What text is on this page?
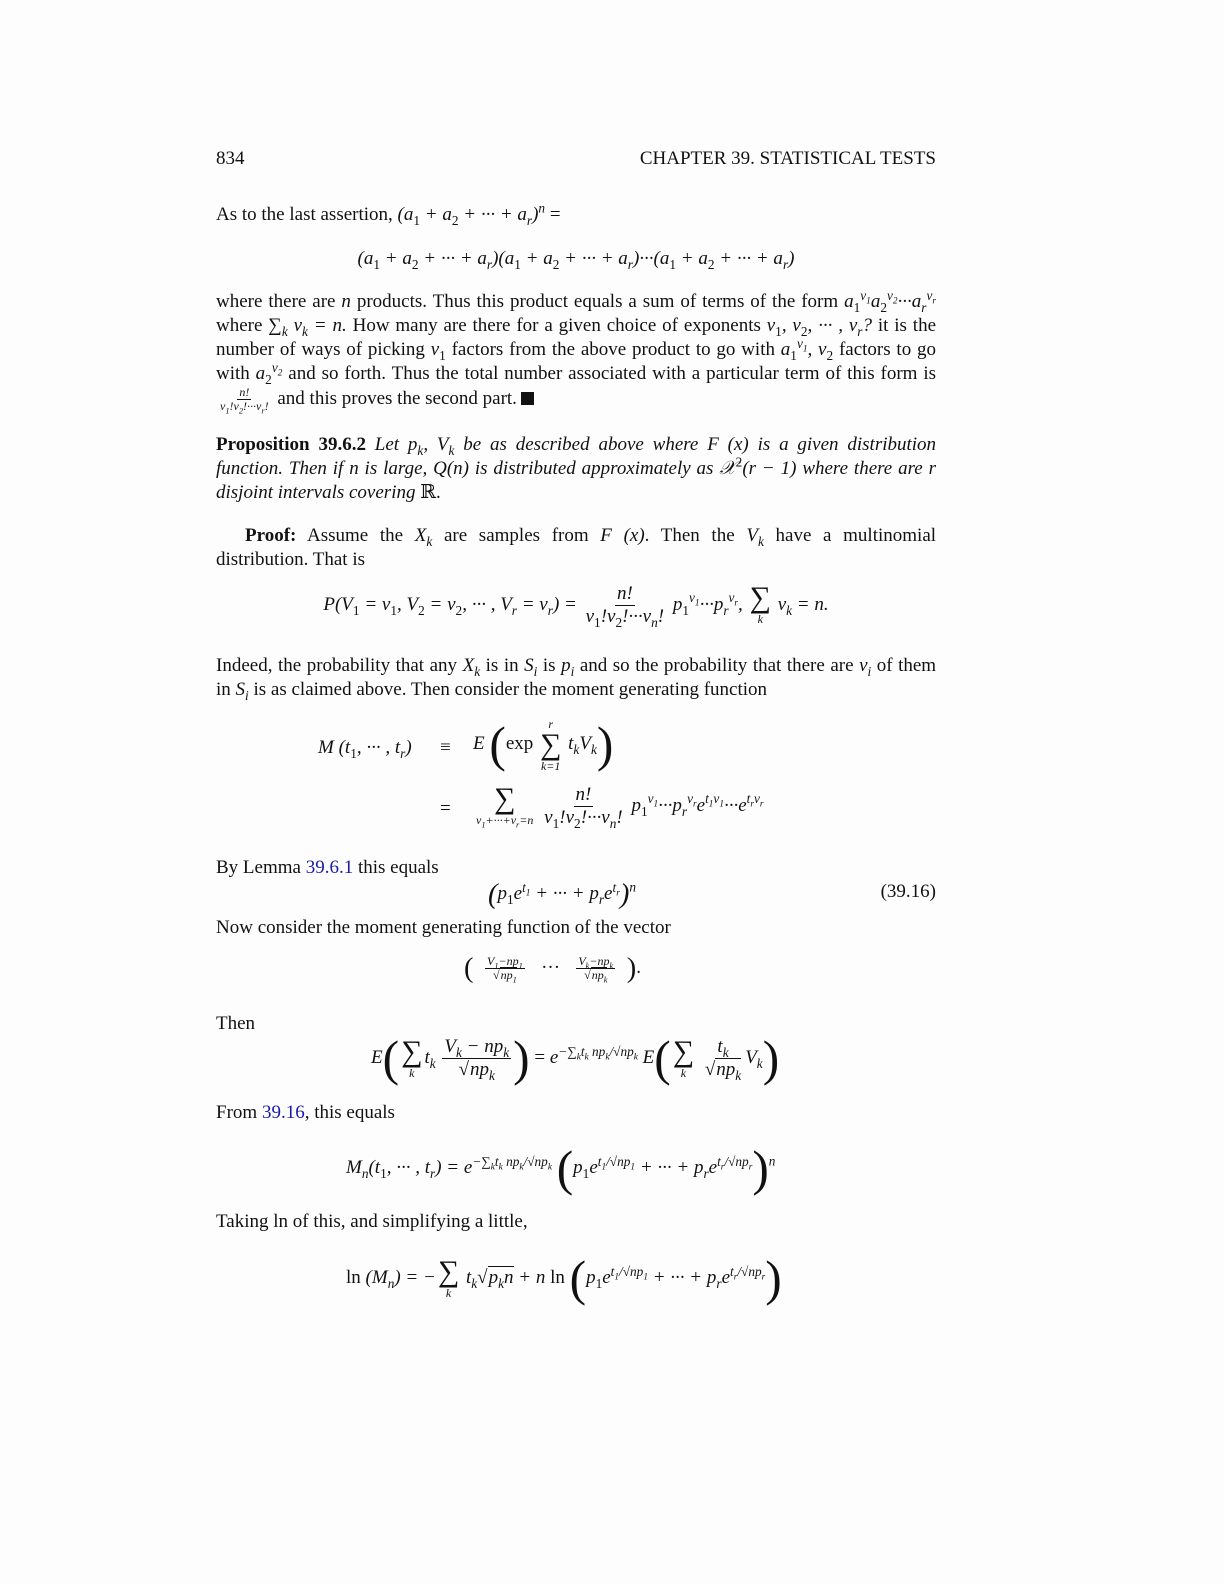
834	CHAPTER 39. STATISTICAL TESTS
As to the last assertion, ($a_1 + a_2$ + ··· + $a_r)^n$ =
($a_1 + a_2$ + ··· + $a_r)(a_1 + a_2$ + ··· + $a_r)\cdot\cdot\cdot(a_1 + a_2$ + ··· + $a_r$)
where there are n products. Thus this product equals a sum of terms of the form $a_1^{v_1}a_2^{v_2}\cdot\cdot\cdot a_r^{v_r}$ where $\sum_k$ $v_k = n$. How many are there for a given choice of exponents $v_1$, $v_2$, ··· , $v_r$? it is the number of ways of picking $v_1$ factors from the above product to go with $a_1^{v_1}$, $v_2$ factors to go with $a_2^{v_2}$ and so forth. Thus the total number associated with a particular term of this form is
$\frac{n!}{v_1!v_2!\cdot\cdot\cdot v_r!}$ and this proves the second part.
Proposition 39.6.2 Let $p_k$, $V_k$ be as described above where F (x) is a given distribution function. Then if n is large, Q(n) is distributed approximately as 𝒳$^2$(r − 1) where there are r disjoint intervals covering ℝ.
Proof: Assume the $X_k$ are samples from F (x). Then the $V_k$ have a multinomial distribution. That is
$P(V_1 = v_1$, $V_2 = v_2$, ··· , $V_r = v_r) = \frac{n!}{v_1!v_2!\cdot\cdot\cdot v_n!} p_1^{v_1}\cdot\cdot\cdot p_r^{v_r}$, ∑
k
$v_k = n$.
Indeed, the probability that any $X_k$ is in $S_i$ is $p_i$ and so the probability that there are $v_i$ of them in $S_i$ is as claimed above. Then consider the moment generating function
M ($t_1$, ··· , $t_r) \equiv E$ (exp
r
∑
k=1
$t_kV_k$)
= ∑
$v_1+\cdot\cdot\cdot+v_r=n$
$\frac{n!}{v_1!v_2!\cdot\cdot\cdot v_n!} p_1^{v_1}\cdot\cdot\cdot p_r^{v_r}e^{t_1v_1}\cdot\cdot\cdot e^{t_rv_r}$
By Lemma 39.6.1 this equals
($p_1e^{t_1}$ + ··· + $p_re^{t_r})^n$	(39.16)
Now consider the moment generating function of the vector
( $\frac{V_1-np_1}{√np_1}$ ··· $\frac{V_k-np_k}{√np_k}$ ).
Then
E( ∑
k
$t_k \frac{V_k - np_k}{√np_k}$ ) = $e^{-\sum_kt_k np_k/√np_k}$ E( ∑
k
$\frac{t_k}{√np_k} V_k$)
From 39.16, this equals
$M_n(t_1$, ··· , $t_r) = e^{-\sum_kt_k np_k/√np_k}$ ($p_1e^{t_1/√np_1}$ + ··· + $p_re^{t_r/√np_r})^n$
Taking ln of this, and simplifying a little,
$\ln (M_n)$ = − ∑
k
$t_k√p_kn + n$ $\ln (p_1e^{t_1/√np_1}$ + ··· + $p_re^{t_r/√np_r}$)
